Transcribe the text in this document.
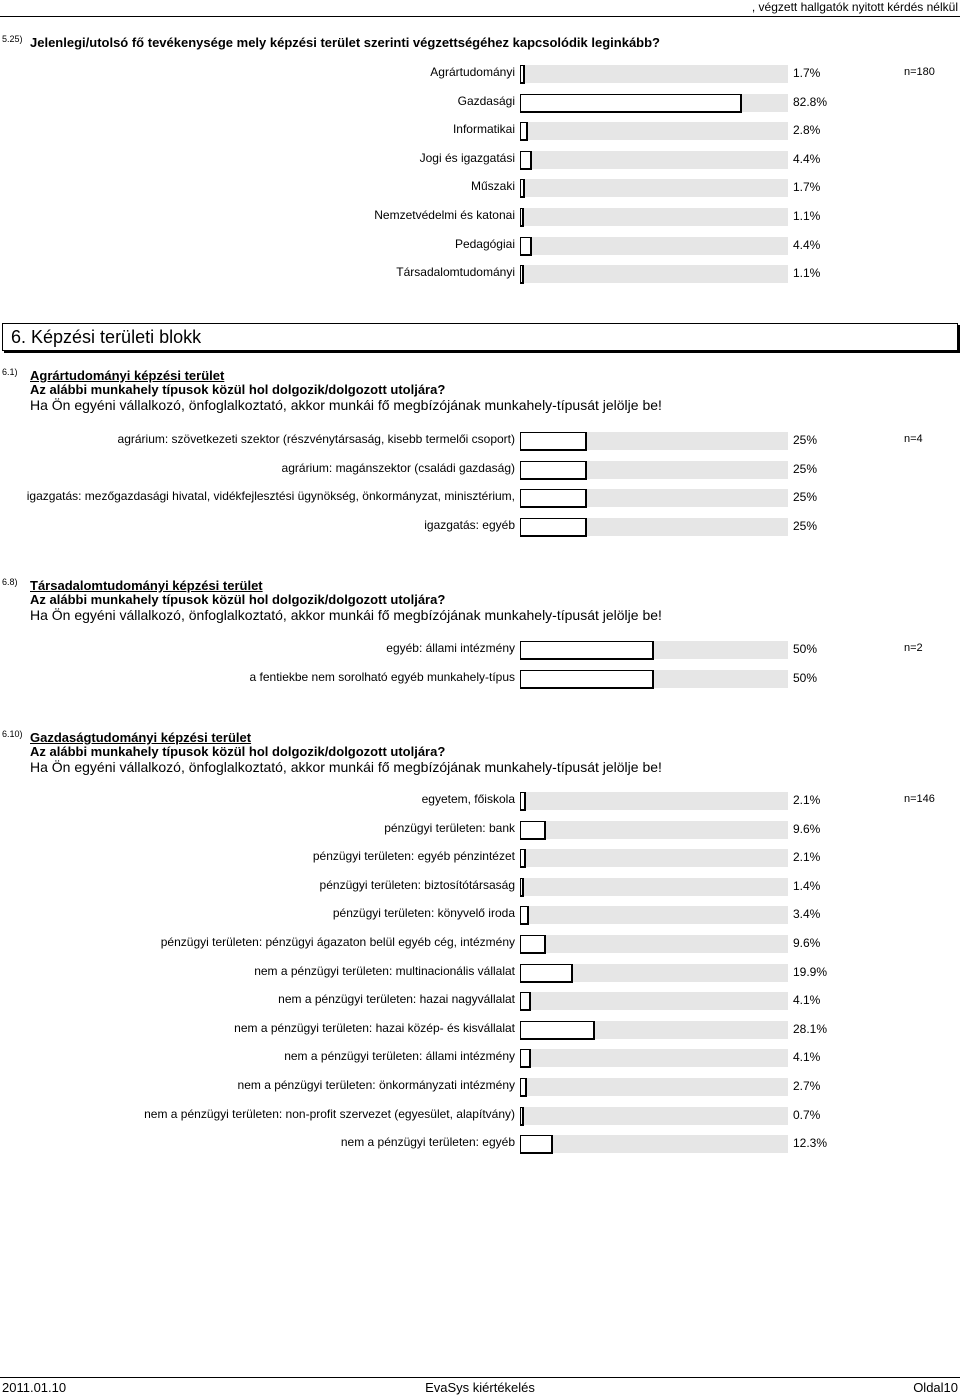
, végzett hallgatók nyitott kérdés nélkül
5.25) Jelenlegi/utolsó fő tevékenysége mely képzési terület szerinti végzettségéhez kapcsolódik leginkább?
Agrártudományi	1.7%	n=180
Gazdasági	82.8%
Informatikai	2.8%
Jogi és igazgatási	4.4%
Műszaki	1.7%
Nemzetvédelmi és katonai	1.1%
Pedagógiai	4.4%
Társadalomtudományi	1.1%
6.1) Agrártudományi képzési terület
Az alábbi munkahely típusok közül hol dolgozik/dolgozott utoljára?
Ha Ön egyéni vállalkozó, önfoglalkoztató, akkor munkái fő megbízójának munkahely-típusát jelölje be!
agrárium: szövetkezeti szektor (részvénytársaság, kisebb termelői csoport)	25%	n=4
agrárium: magánszektor (családi gazdaság)	25%
igazgatás: mezőgazdasági hivatal, vidékfejlesztési ügynökség, önkormányzat, minisztérium,	25%
igazgatás: egyéb	25%
6.8) Társadalomtudományi képzési terület
Az alábbi munkahely típusok közül hol dolgozik/dolgozott utoljára?
Ha Ön egyéni vállalkozó, önfoglalkoztató, akkor munkái fő megbízójának munkahely-típusát jelölje be!
egyéb: állami intézmény	50%	n=2
a fentiekbe nem sorolható egyéb munkahely-típus	50%
6.10) Gazdaságtudományi képzési terület
Az alábbi munkahely típusok közül hol dolgozik/dolgozott utoljára?
Ha Ön egyéni vállalkozó, önfoglalkoztató, akkor munkái fő megbízójának munkahely-típusát jelölje be!
egyetem, főiskola	2.1%	n=146
pénzügyi területen: bank	9.6%
pénzügyi területen: egyéb pénzintézet	2.1%
pénzügyi területen: biztosítótársaság	1.4%
pénzügyi területen: könyvelő iroda	3.4%
pénzügyi területen: pénzügyi ágazaton belül egyéb cég, intézmény	9.6%
nem a pénzügyi területen: multinacionális vállalat	19.9%
nem a pénzügyi területen: hazai nagyvállalat	4.1%
nem a pénzügyi területen: hazai közép- és kisvállalat	28.1%
nem a pénzügyi területen: állami intézmény	4.1%
nem a pénzügyi területen: önkormányzati intézmény	2.7%
nem a pénzügyi területen: non-profit szervezet (egyesület, alapítvány)	0.7%
nem a pénzügyi területen: egyéb	12.3%
6. Képzési területi blokk
2011.01.10	EvaSys kiértékelés	Oldal10
